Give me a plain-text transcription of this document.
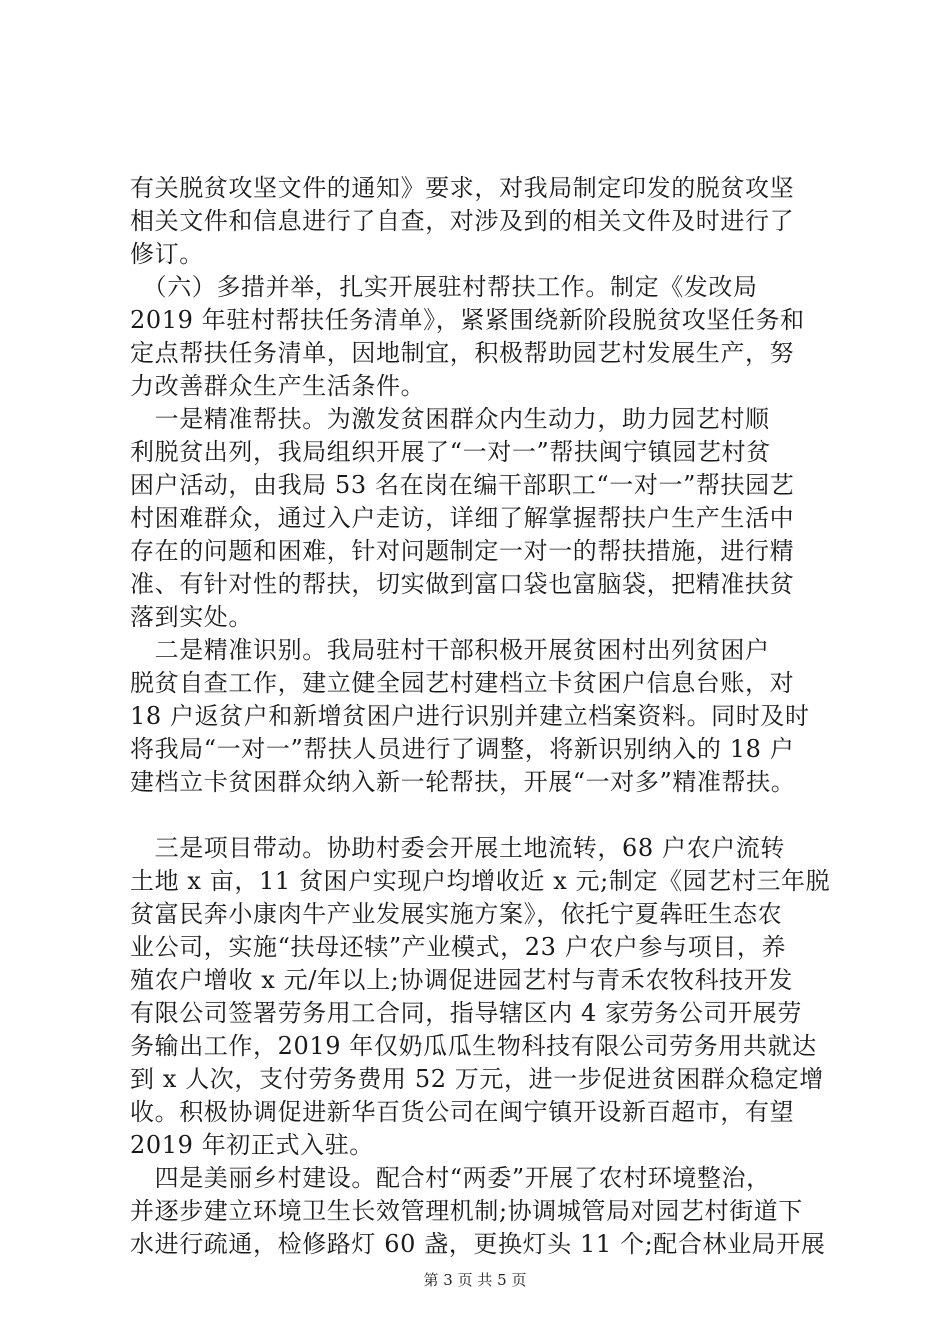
有关脱贫攻坚文件的通知》要求，对我局制定印发的脱贫攻坚
相关文件和信息进行了自查，对涉及到的相关文件及时进行了
修订。
　（六）多措并举，扎实开展驻村帮扶工作。制定《发改局
2019 年驻村帮扶任务清单》，紧紧围绕新阶段脱贫攻坚任务和
定点帮扶任务清单，因地制宜，积极帮助园艺村发展生产，努
力改善群众生产生活条件。
　一是精准帮扶。为激发贫困群众内生动力，助力园艺村顺
利脱贫出列，我局组织开展了“一对一”帮扶闽宁镇园艺村贫
困户活动，由我局 53 名在岗在编干部职工“一对一”帮扶园艺
村困难群众，通过入户走访，详细了解掌握帮扶户生产生活中
存在的问题和困难，针对问题制定一对一的帮扶措施，进行精
准、有针对性的帮扶，切实做到富口袋也富脑袋，把精准扶贫
落到实处。
　二是精准识别。我局驻村干部积极开展贫困村出列贫困户
脱贫自查工作，建立健全园艺村建档立卡贫困户信息台账，对
18 户返贫户和新增贫困户进行识别并建立档案资料。同时及时
将我局“一对一”帮扶人员进行了调整，将新识别纳入的 18 户
建档立卡贫困群众纳入新一轮帮扶，开展“一对多”精准帮扶。
　三是项目带动。协助村委会开展土地流转，68 户农户流转
土地 x 亩，11 贫困户实现户均增收近 x 元;制定《园艺村三年脱
贫富民奔小康肉牛产业发展实施方案》，依托宁夏犇旺生态农
业公司，实施“扶母还犊”产业模式，23 户农户参与项目，养
殖农户增收 x 元/年以上;协调促进园艺村与青禾农牧科技开发
有限公司签署劳务用工合同，指导辖区内 4 家劳务公司开展劳
务输出工作，2019 年仅奶瓜瓜生物科技有限公司劳务用共就达
到 x 人次，支付劳务费用 52 万元，进一步促进贫困群众稳定增
收。积极协调促进新华百货公司在闽宁镇开设新百超市，有望
2019 年初正式入驻。
　四是美丽乡村建设。配合村“两委”开展了农村环境整治，
并逐步建立环境卫生长效管理机制;协调城管局对园艺村街道下
水进行疏通，检修路灯 60 盏，更换灯头 11 个;配合林业局开展
第 3 页 共 5 页
